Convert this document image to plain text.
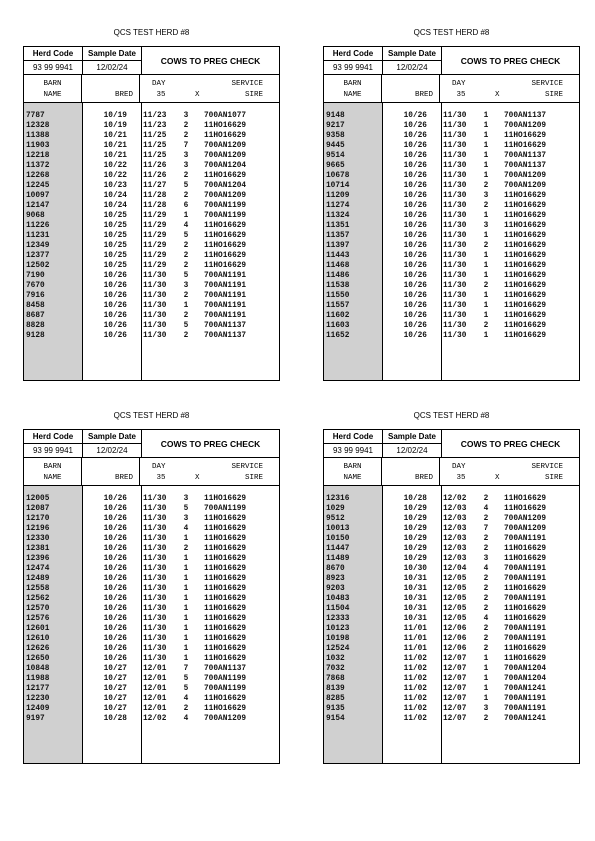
QCS TEST HERD #8
Herd Code
93 99 9941
Sample Date
12/02/24
COWS TO PREG CHECK
BARN
NAME
	BRED
DAY
35	X
SERVICE
SIRE
7787	10/19	11/23	3	700AN1077
12328	10/19	11/23	2	11HO16629
11388	10/21	11/25	2	11HO16629
11903	10/21	11/25	7	700AN1209
12218	10/21	11/25	3	700AN1209
11372	10/22	11/26	3	700AN1204
12268	10/22	11/26	2	11HO16629
12245	10/23	11/27	5	700AN1204
10097	10/24	11/28	2	700AN1209
12147	10/24	11/28	6	700AN1199
9068	10/25	11/29	1	700AN1199
11226	10/25	11/29	4	11HO16629
11231	10/25	11/29	5	11HO16629
12349	10/25	11/29	2	11HO16629
12377	10/25	11/29	2	11HO16629
12502	10/25	11/29	2	11HO16629
7190	10/26	11/30	5	700AN1191
7670	10/26	11/30	3	700AN1191
7916	10/26	11/30	2	700AN1191
8458	10/26	11/30	1	700AN1191
8687	10/26	11/30	2	700AN1191
8828	10/26	11/30	5	700AN1137
9128	10/26	11/30	2	700AN1137
QCS TEST HERD #8
Herd Code
93 99 9941
Sample Date
12/02/24
COWS TO PREG CHECK
BARN
NAME
	BRED
DAY
35	X
SERVICE
SIRE
9148	10/26	11/30	1	700AN1137
9217	10/26	11/30	1	700AN1209
9358	10/26	11/30	1	11HO16629
9445	10/26	11/30	1	11HO16629
9514	10/26	11/30	1	700AN1137
9665	10/26	11/30	1	700AN1137
10678	10/26	11/30	1	700AN1209
10714	10/26	11/30	2	700AN1209
11209	10/26	11/30	3	11HO16629
11274	10/26	11/30	2	11HO16629
11324	10/26	11/30	1	11HO16629
11351	10/26	11/30	3	11HO16629
11357	10/26	11/30	1	11HO16629
11397	10/26	11/30	2	11HO16629
11443	10/26	11/30	1	11HO16629
11468	10/26	11/30	1	11HO16629
11486	10/26	11/30	1	11HO16629
11538	10/26	11/30	2	11HO16629
11550	10/26	11/30	1	11HO16629
11557	10/26	11/30	1	11HO16629
11602	10/26	11/30	1	11HO16629
11603	10/26	11/30	2	11HO16629
11652	10/26	11/30	1	11HO16629
QCS TEST HERD #8
Herd Code
93 99 9941
Sample Date
12/02/24
COWS TO PREG CHECK
BARN
NAME
	BRED
DAY
35	X
SERVICE
SIRE
12005	10/26	11/30	3	11HO16629
12087	10/26	11/30	5	700AN1199
12170	10/26	11/30	3	11HO16629
12196	10/26	11/30	4	11HO16629
12330	10/26	11/30	1	11HO16629
12381	10/26	11/30	2	11HO16629
12396	10/26	11/30	1	11HO16629
12474	10/26	11/30	1	11HO16629
12489	10/26	11/30	1	11HO16629
12558	10/26	11/30	1	11HO16629
12562	10/26	11/30	1	11HO16629
12570	10/26	11/30	1	11HO16629
12576	10/26	11/30	1	11HO16629
12601	10/26	11/30	1	11HO16629
12610	10/26	11/30	1	11HO16629
12626	10/26	11/30	1	11HO16629
12650	10/26	11/30	1	11HO16629
10848	10/27	12/01	7	700AN1137
11988	10/27	12/01	5	700AN1199
12177	10/27	12/01	5	700AN1199
12230	10/27	12/01	4	11HO16629
12409	10/27	12/01	2	11HO16629
9197	10/28	12/02	4	700AN1209
QCS TEST HERD #8
Herd Code
93 99 9941
Sample Date
12/02/24
COWS TO PREG CHECK
BARN
NAME
	BRED
DAY
35	X
SERVICE
SIRE
12316	10/28	12/02	2	11HO16629
1029	10/29	12/03	4	11HO16629
9512	10/29	12/03	2	700AN1209
10013	10/29	12/03	7	700AN1209
10150	10/29	12/03	2	700AN1191
11447	10/29	12/03	2	11HO16629
11489	10/29	12/03	3	11HO16629
8670	10/30	12/04	4	700AN1191
8923	10/31	12/05	2	700AN1191
9203	10/31	12/05	2	11HO16629
10483	10/31	12/05	2	700AN1191
11504	10/31	12/05	2	11HO16629
12333	10/31	12/05	4	11HO16629
10123	11/01	12/06	2	700AN1191
10198	11/01	12/06	2	700AN1191
12524	11/01	12/06	2	11HO16629
1032	11/02	12/07	1	11HO16629
7032	11/02	12/07	1	700AN1204
7868	11/02	12/07	1	700AN1204
8139	11/02	12/07	1	700AN1241
8285	11/02	12/07	1	700AN1191
9135	11/02	12/07	3	700AN1191
9154	11/02	12/07	2	700AN1241
